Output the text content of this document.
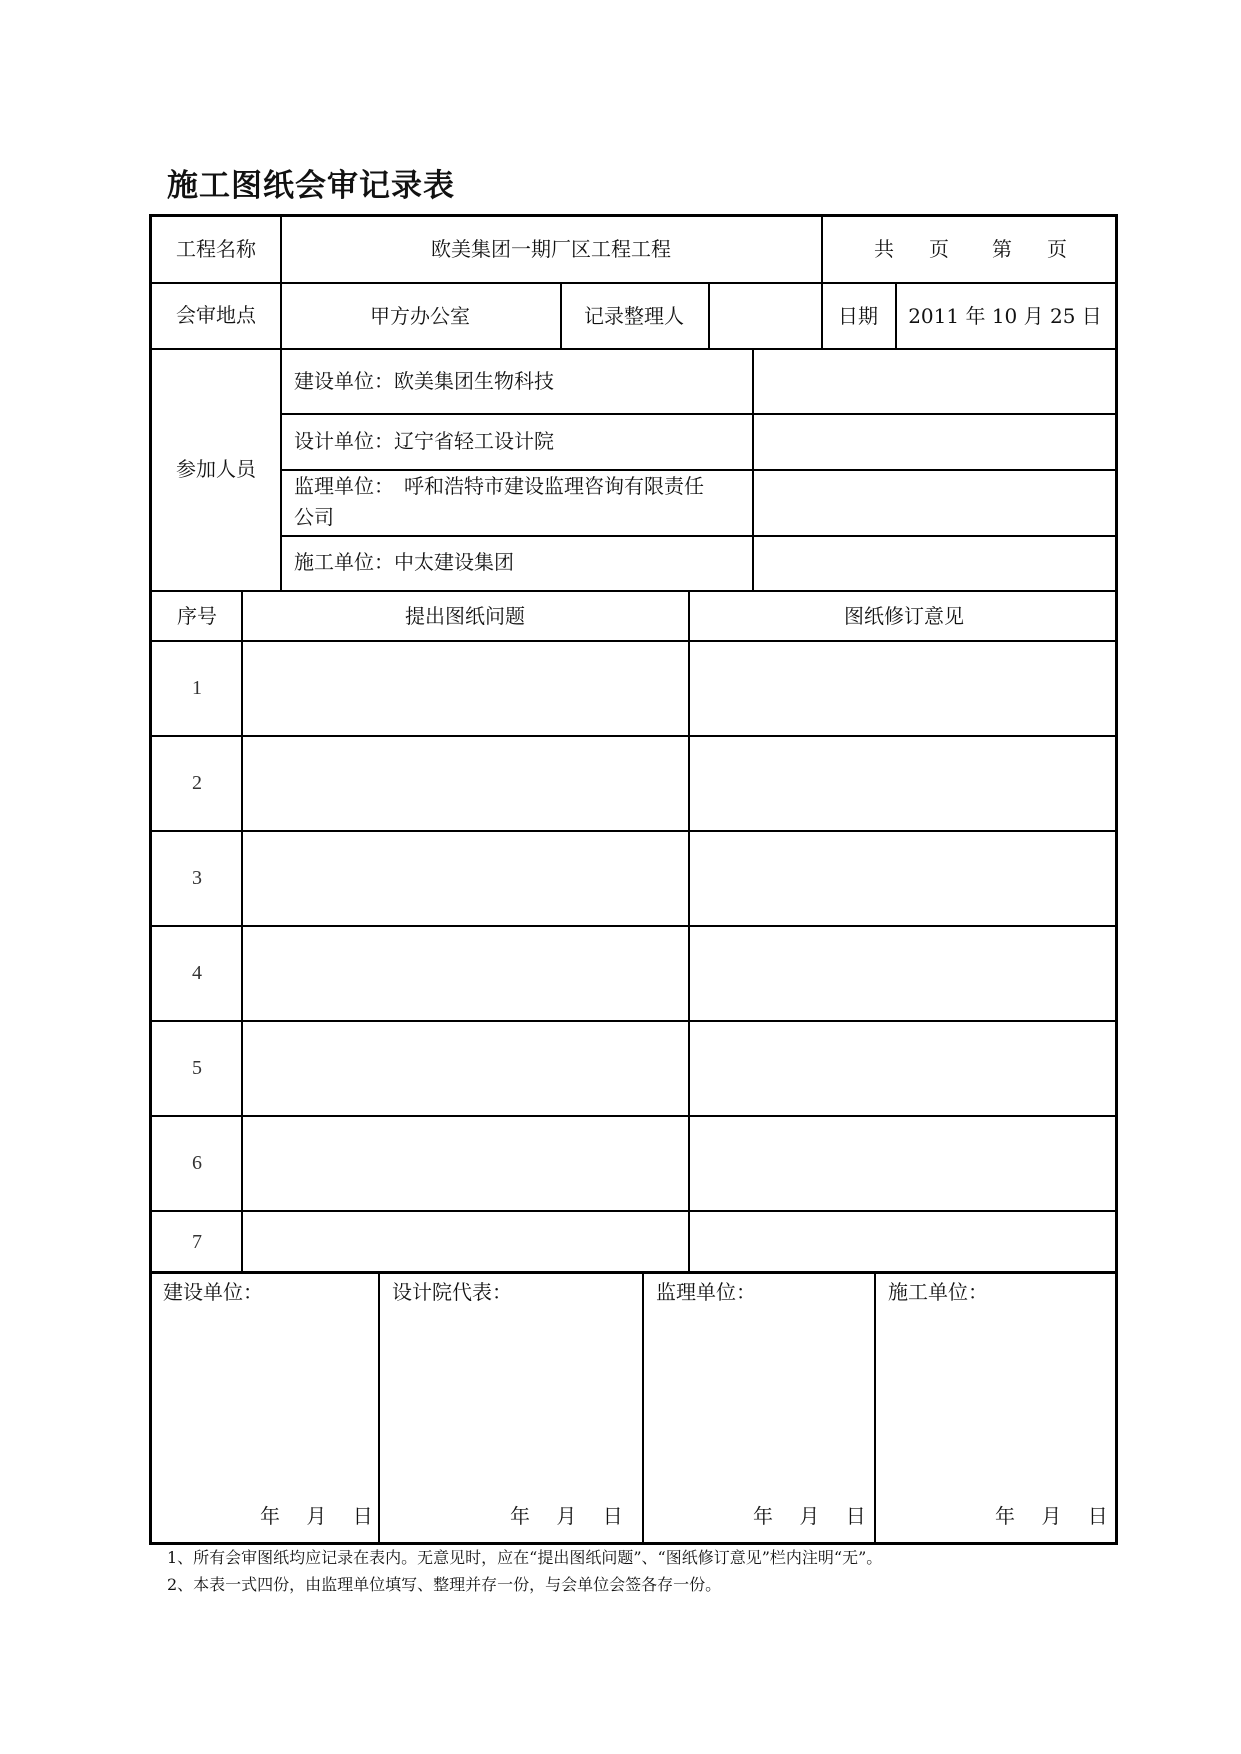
施工图纸会审记录表
工程名称	欧美集团一期厂区工程工程	共 页 第 页
会审地点	甲方办公室	记录整理人	日期 2011 年 10 月 25 日
参加人员
建设单位：欧美集团生物科技
设计单位：辽宁省轻工设计院
监理单位：　呼和浩特市建设监理咨询有限责任
公司
施工单位：中太建设集团
序号	提出图纸问题	图纸修订意见
1
2
3
4
5
6
7
建设单位：	设计院代表：	监理单位：	施工单位：
年　 月　 日	年　 月　 日	年　 月　 日	年　 月　 日
1、所有会审图纸均应记录在表内。无意见时，应在“提出图纸问题”、“图纸修订意见”栏内注明“无”。
2、本表一式四份，由监理单位填写、整理并存一份，与会单位会签各存一份。
